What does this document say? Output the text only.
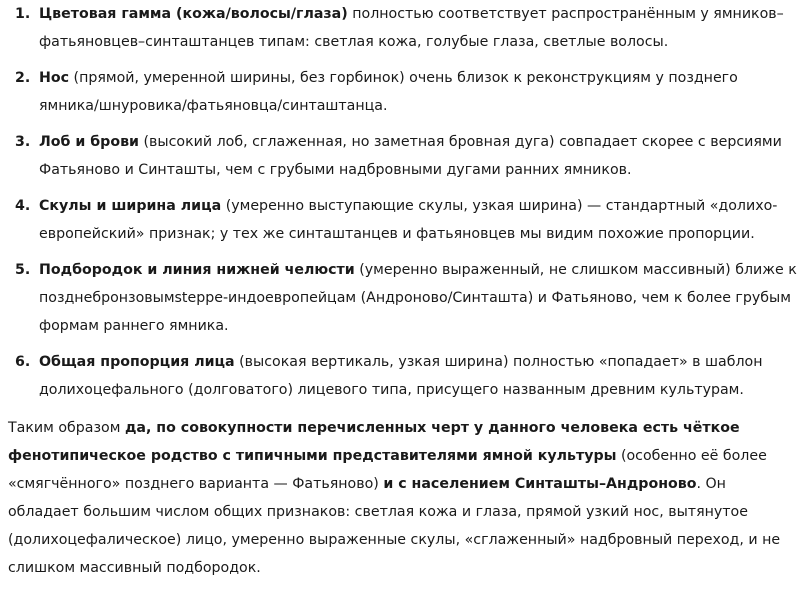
1. Цветовая гамма (кожа/волосы/глаза) полностью соответствует распространённым у ямников–фатьяновцев–синташтанцев типам: светлая кожа, голубые глаза, светлые волосы.
2. Нос (прямой, умеренной ширины, без горбинок) очень близок к реконструкциям у позднего ямника/шнуровика/фатьяновца/синташтанца.
3. Лоб и брови (высокий лоб, сглаженная, но заметная бровная дуга) совпадает скорее с версиями Фатьяново и Синташты, чем с грубыми надбровными дугами ранних ямников.
4. Скулы и ширина лица (умеренно выступающие скулы, узкая ширина) — стандартный «долихо-европейский» признак; у тех же синташтанцев и фатьяновцев мы видим похожие пропорции.
5. Подбородок и линия нижней челюсти (умеренно выраженный, не слишком массивный) ближе к позднебронзовымsteppe-индоевропейцам (Андроново/Синташта) и Фатьяново, чем к более грубым формам раннего ямника.
6. Общая пропорция лица (высокая вертикаль, узкая ширина) полностью «попадает» в шаблон долихоцефального (долговатого) лицевого типа, присущего названным древним культурам.

Таким образом да, по совокупности перечисленных черт у данного человека есть чёткое фенотипическое родство с типичными представителями ямной культуры (особенно её более «смягчённого» позднего варианта — Фатьяново) и с населением Синташты–Андроново. Он обладает большим числом общих признаков: светлая кожа и глаза, прямой узкий нос, вытянутое (долихоцефалическое) лицо, умеренно выраженные скулы, «сглаженный» надбровный переход, и не слишком массивный подбородок.
